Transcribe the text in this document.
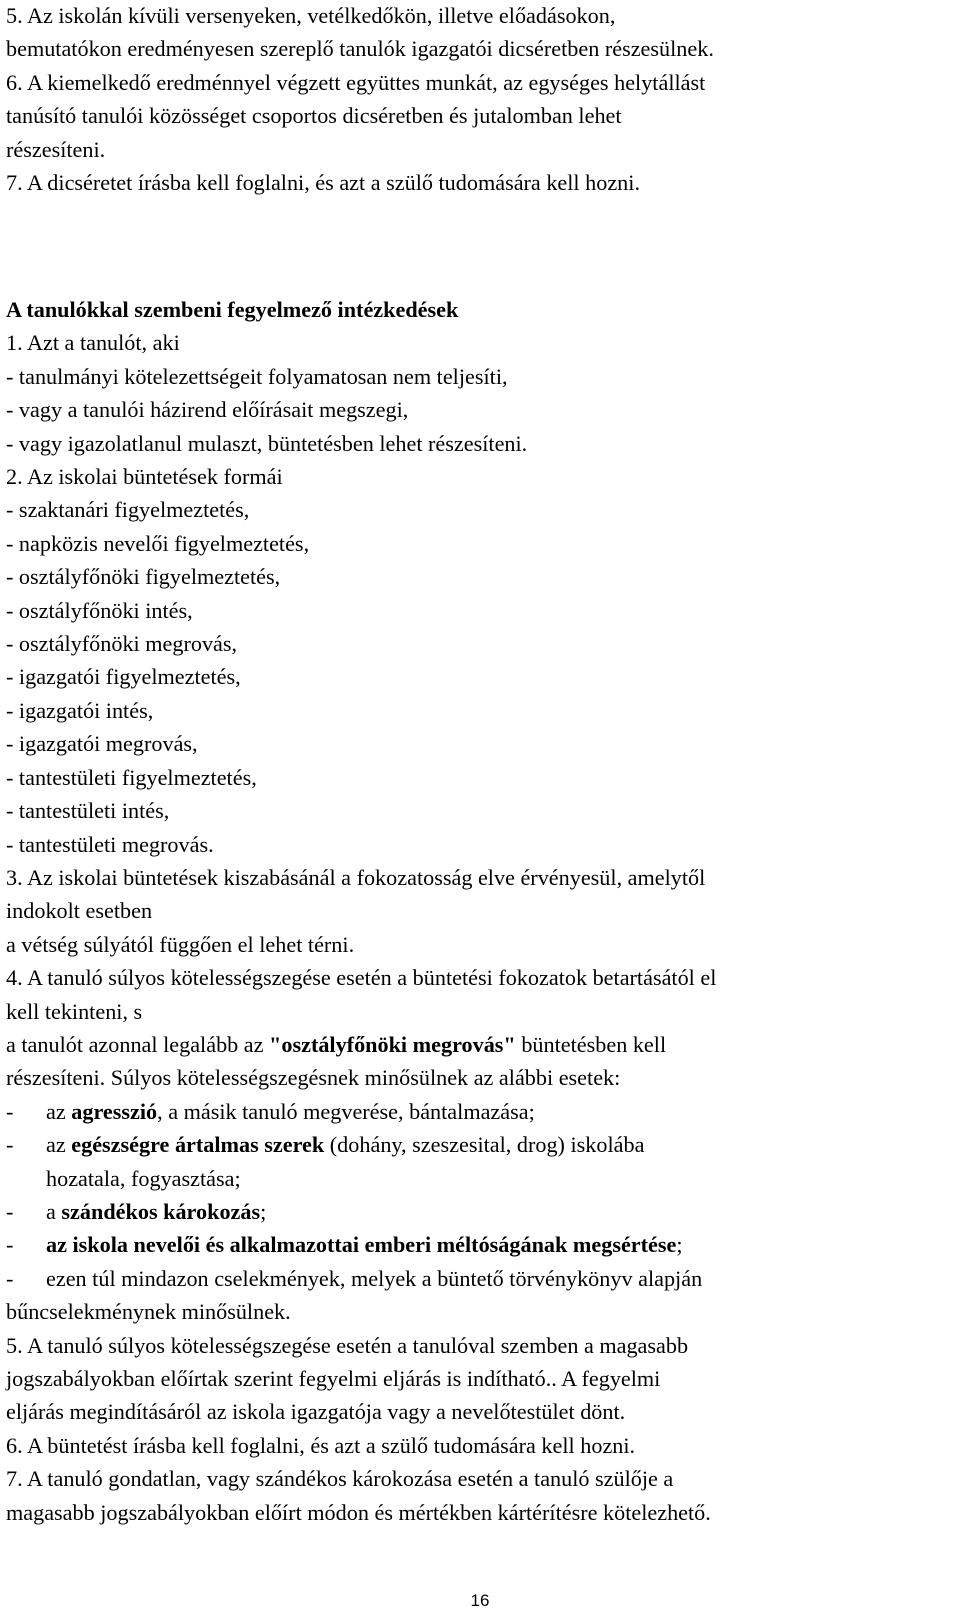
5. Az iskolán kívüli versenyeken, vetélkedőkön, illetve előadásokon,
bemutatókon eredményesen szereplő tanulók igazgatói dicséretben részesülnek.
6. A kiemelkedő eredménnyel végzett együttes munkát, az egységes helytállást
tanúsító tanulói közösséget csoportos dicséretben és jutalomban lehet
részesíteni.
7. A dicséretet írásba kell foglalni, és azt a szülő tudomására kell hozni.
A tanulókkal szembeni fegyelmező intézkedések
1. Azt a tanulót, aki
- tanulmányi kötelezettségeit folyamatosan nem teljesíti,
- vagy a tanulói házirend előírásait megszegi,
- vagy igazolatlanul mulaszt, büntetésben lehet részesíteni.
2. Az iskolai büntetések formái
- szaktanári figyelmeztetés,
- napközis nevelői figyelmeztetés,
- osztályfőnöki figyelmeztetés,
- osztályfőnöki intés,
- osztályfőnöki megrovás,
- igazgatói figyelmeztetés,
- igazgatói intés,
- igazgatói megrovás,
- tantestületi figyelmeztetés,
- tantestületi intés,
- tantestületi megrovás.
3. Az iskolai büntetések kiszabásánál a fokozatosság elve érvényesül, amelytől
indokolt esetben
a vétség súlyától függően el lehet térni.
4. A tanuló súlyos kötelességszegése esetén a büntetési fokozatok betartásától el
kell tekinteni, s
a tanulót azonnal legalább az "osztályfőnöki megrovás" büntetésben kell
részesíteni. Súlyos kötelességszegésnek minősülnek az alábbi esetek:
- az agresszió, a másik tanuló megverése, bántalmazása;
- az egészségre ártalmas szerek (dohány, szeszesital, drog) iskolába
hozatala, fogyasztása;
- a szándékos károkozás;
- az iskola nevelői és alkalmazottai emberi méltóságának megsértése;
- ezen túl mindazon cselekmények, melyek a büntető törvénykönyv alapján
bűncselekménynek minősülnek.
5. A tanuló súlyos kötelességszegése esetén a tanulóval szemben a magasabb
jogszabályokban előírtak szerint fegyelmi eljárás is indítható.. A fegyelmi
eljárás megindításáról az iskola igazgatója vagy a nevelőtestület dönt.
6. A büntetést írásba kell foglalni, és azt a szülő tudomására kell hozni.
7. A tanuló gondatlan, vagy szándékos károkozása esetén a tanuló szülője a
magasabb jogszabályokban előírt módon és mértékben kártérítésre kötelezhető.
16
